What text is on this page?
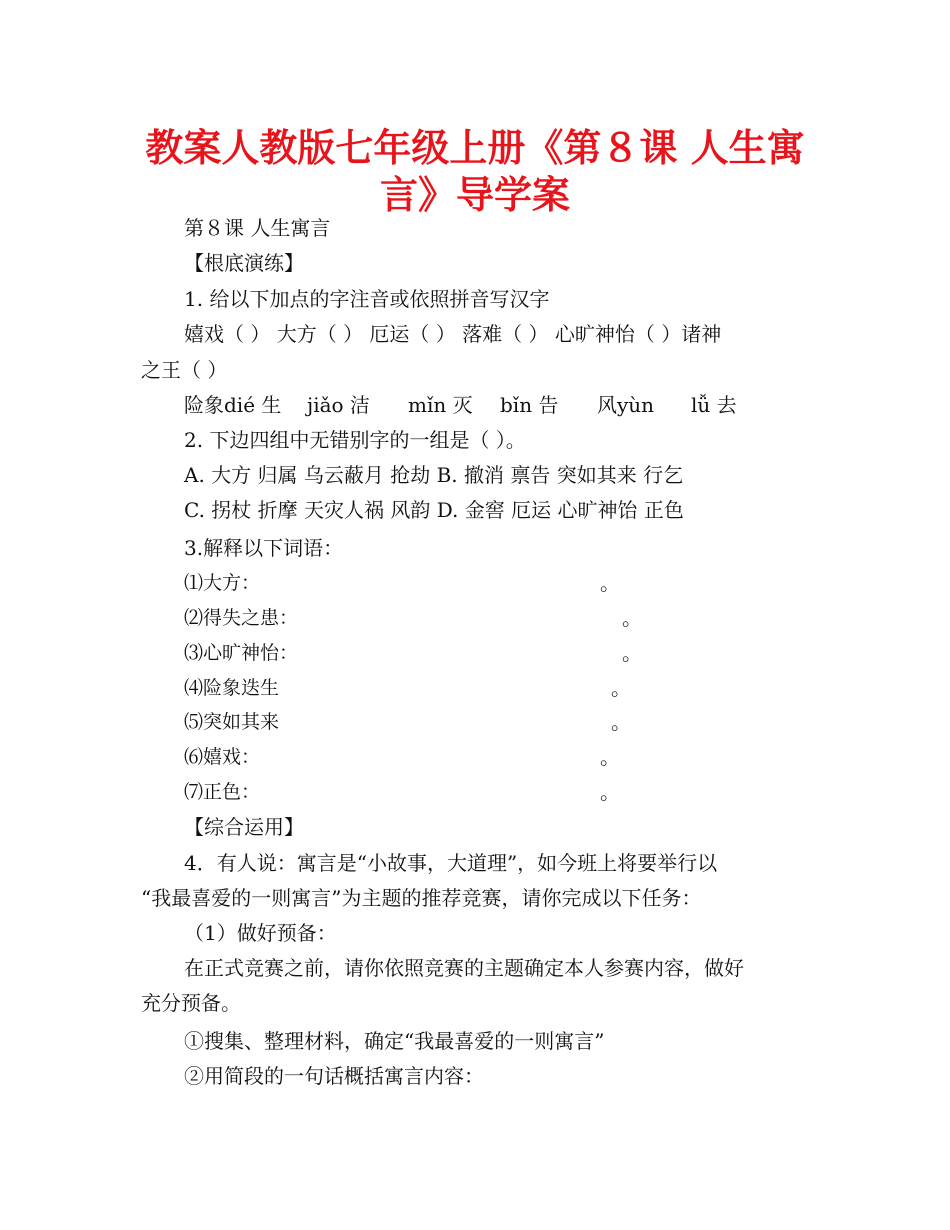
教案人教版七年级上册《第８课 人生寓
言》导学案
第８课 人生寓言
【根底演练】
1. 给以下加点的字注音或依照拼音写汉字
嬉戏（ ） 大方（ ） 厄运（ ） 落难（ ） 心旷神怡（ ）诸神
之王（ ）
险象dié 生 jiǎo 洁 mǐn 灭 bǐn 告 风yùn lǚ 去
2. 下边四组中无错别字的一组是（ ）。
A. 大方 归属 乌云蔽月 抢劫 B. 撤消 禀告 突如其来 行乞
C. 拐杖 折摩 天灾人祸 风韵 D. 金窖 厄运 心旷神饴 正色
3.解释以下词语：
⑴大方：	。
⑵得失之患：	。
⑶心旷神怡：	。
⑷险象迭生	。
⑸突如其来	。
⑹嬉戏：	。
⑺正色：	。
【综合运用】
4．有人说：寓言是“小故事，大道理”，如今班上将要举行以
“我最喜爱的一则寓言”为主题的推荐竞赛，请你完成以下任务：
（1）做好预备：
在正式竞赛之前，请你依照竞赛的主题确定本人参赛内容，做好
充分预备。
①搜集、整理材料，确定“我最喜爱的一则寓言”
②用简段的一句话概括寓言内容：
